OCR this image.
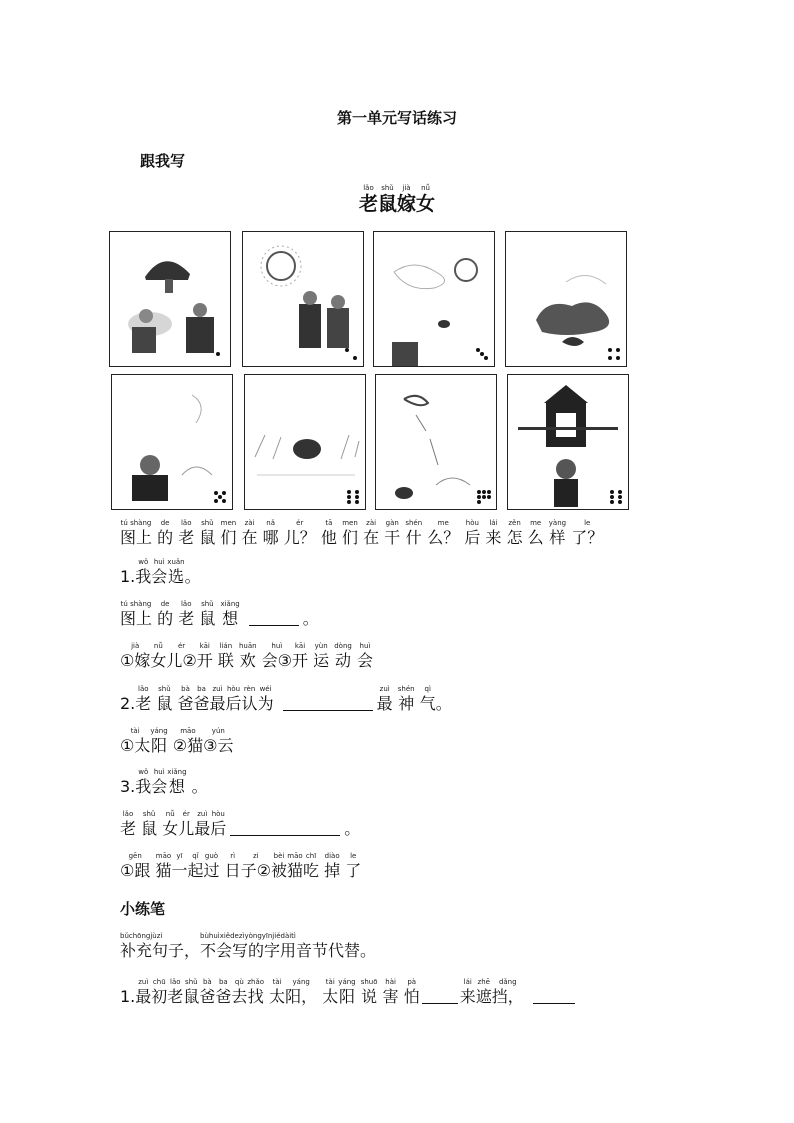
第一单元写话练习
跟我写
lǎo
老
shǔ
鼠
jià
嫁
nǚ
女
tú shàng
图上

de
的

lǎo
老

shǔ
鼠

men
们

zài
在

nǎ
哪

ér
儿？

tā
他

men
们

zài
在

gàn
干

shén
什

me
么？

hòu
后

lái
来

zěn
怎

me
么

yàng
样

le
了？
1.
wǒ
我
huì
会
xuǎn
选 。
tú shàng
图上

de
的

lǎo
老

shǔ
鼠

xiǎng
想	。
jià
①嫁
nǚ
女
ér
儿②
kāi
开

lián
联

huān
欢

huì
会③
kāi
开

yùn
运

dòng
动

huì
会
2.
lǎo
老

shǔ
鼠

bà
爸
ba
爸
zuì
最
hòu
后
rèn
认
wéi
为

zuì
最

shén
神

qì
气 。
tài
①太
yáng
阳

māo
②猫
yún
③云
3.
wǒ
我
huì
会
xiǎng
想 。
lǎo
老

shǔ
鼠

nǚ
女
ér
儿
zuì
最
hòu
后	。
gēn
①跟

māo
猫
yī
一
qǐ
起
guò
过

rì
日
zi
子②
bèi
被
māo
猫
chī
吃

diào
掉

le
了
小练笔
bǔchōngjùzi
补充句子，
bùhuìxiědezìyòngyīnjiédàitì
不会写的字用音节代替。
1.
zuì
最
chū
初
lǎo
老
shǔ
鼠
bà
爸
ba
爸
qù
去
zhǎo
找

tài
太
yáng
阳，

tài
太
yáng
阳

shuō
说

hài
害

pà
怕
lái
来
zhē
遮
dǎng
挡，
